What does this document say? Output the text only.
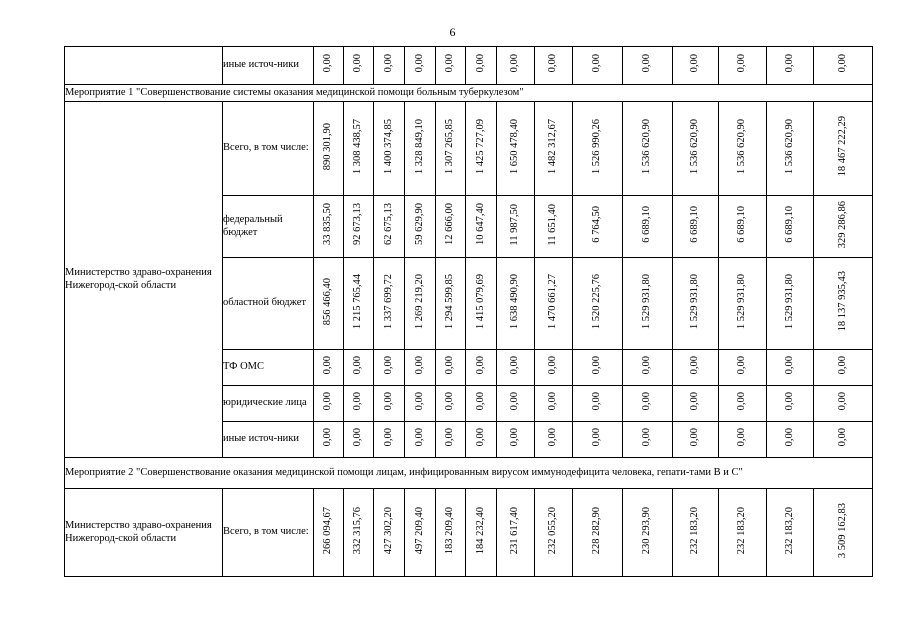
6
	иные источ-ники	0,00	0,00	0,00	0,00	0,00	0,00	0,00	0,00	0,00	0,00	0,00	0,00	0,00	0,00
Мероприятие 1 "Совершенствование системы оказания медицинской помощи больным туберкулезом"															
Министерство здраво-охранения Нижегород-ской области	Всего, в том числе:	890 301,90	1 308 438,57	1 400 374,85	1 328 849,10	1 307 265,85	1 425 727,09	1 650 478,40	1 482 312,67	1 526 990,26	1 536 620,90	1 536 620,90	1 536 620,90	1 536 620,90	18 467 222,29
	федеральный бюджет	33 835,50	92 673,13	62 675,13	59 629,90	12 666,00	10 647,40	11 987,50	11 651,40	6 764,50	6 689,10	6 689,10	6 689,10	6 689,10	329 286,86
	областной бюджет	856 466,40	1 215 765,44	1 337 699,72	1 269 219,20	1 294 599,85	1 415 079,69	1 638 490,90	1 470 661,27	1 520 225,76	1 529 931,80	1 529 931,80	1 529 931,80	1 529 931,80	18 137 935,43
	ТФ ОМС	0,00	0,00	0,00	0,00	0,00	0,00	0,00	0,00	0,00	0,00	0,00	0,00	0,00	0,00
	юридические лица	0,00	0,00	0,00	0,00	0,00	0,00	0,00	0,00	0,00	0,00	0,00	0,00	0,00	0,00
	иные источ-ники	0,00	0,00	0,00	0,00	0,00	0,00	0,00	0,00	0,00	0,00	0,00	0,00	0,00	0,00
Мероприятие 2 "Совершенствование оказания медицинской помощи лицам, инфицированным вирусом иммунодефицита человека, гепати-тами В и С"															
Министерство здраво-охранения Нижегород-ской области	Всего, в том числе:	266 094,67	332 315,76	427 302,20	497 209,40	183 209,40	184 232,40	231 617,40	232 055,20	228 282,90	230 293,90	232 183,20	232 183,20	232 183,20	3 509 162,83
